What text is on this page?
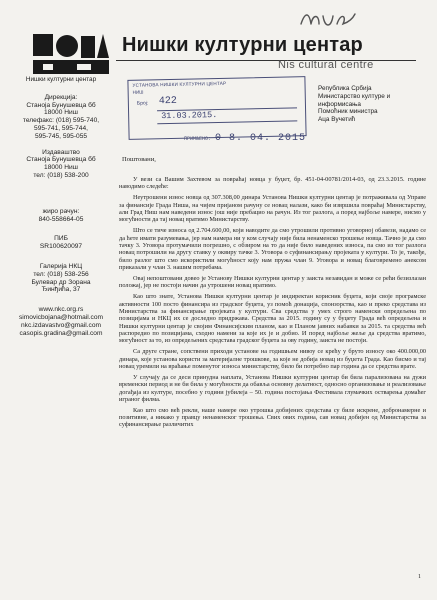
Нишки културни центар
Nis cultural centre
Нишки културни центар
Дирекција:
Станоја Бунушевца бб
18000 Ниш
телефакс: (018) 595-740,
595-741, 595-744,
595-745, 595-055
Издаваштво
Станоја Бунушевца бб
18000 Ниш
тел: (018) 538-200
жиро рачун:
840-558664-05
ПИБ
SR100620097
Галерија НКЦ
тел: (018) 538-256
Булевар др Зорана
Ђинђића, 37
www.nkc.org.rs
simovicbojana@hotmail.com
nkc.izdavastvo@gmail.com
casopis.gradina@gmail.com
УСТАНОВА НИШКИ КУЛТУРНИ ЦЕНТАР
НИШ
Број: 422
31.03.2015.
Република Србија
Министарство културе и
информисања
Помоћник министра
Аца Вучетић
ПРИМЉЕНО: 0 8. 04. 2015
Поштовани,

У вези са Вашим Захтевом за повраћај новца у буџет, бр. 451-04-00781/2014-03, од 23.3.2015. године наводимо следеће:

Неутрошени износ новца од 307.308,00 динара Установа Нишки културни центар је потраживала од Управе за финансије Града Ниша, на чијем пријаном рачуну се новац налази, како би извршила повраћај Министарству, али Град Ниш нам наведени износ још није пребацио на рачун. Из тог разлога, а поред најбоље намере, нисмо у могућности да тај новац вратимо Министарству.

Што се тиче износа од 2.704.600,00, који наводите да смо утрошили противно уговорној обавези, надамо се да ћете имати разумевања, јер нам намера ни у ком случају није била ненаменско трошење новца. Тачно је да смо тачку 3. Уговора протумачили погрешно, с обзиром на то да није било наведених износа, па смо из тог разлога новац потрошили на другу ставку у оквиру тачке 3. Уговора о суфинансирању пројеката у култури. То је, такође, било разлог што смо искористили могућност коју нам пружа члан 9. Уговора и новац благовремено анексом приказали у члан 3. нашим потребама.

Овај непоштовани довео је Установу Нишки културни центар у заиста незавидан и може се рећи безизлазан положај, јер не постоји начин да утрошени новац вратимо.

Као што знате, Установа Нишки културни центар је индиректан корисник буџета, који своје програмске активности 100 посто финансира из градског буџета, уз помоћ донација, спонзорства, као и преко средстава из Министарства за финансирање пројеката у култури. Сва средства у умех строго наменски опредељена по позицијама и НКЦ их се доследно придржава. Средства за 2015. годину су у буџету Града већ опредељена и Нишки културни центар је својим Финансијским планом, као и Планом јавних набавки за 2015. та средства већ распоредио по позицијама, сходно намени за које их је и добио. И поред најбоље жеље да средства вратимо, могућност за то, из опредељених средстава градског буџета за ову годину, заиста не постоји.

Са друге стране, сопствени приходи установе на годишњем нивоу се крећу у бруто износу око 400.000,00 динара, које установа користи за материјалне трошкове, за које не добија новац из буџета Града. Као бисмо и тај новац уремили на враћање поменутог износа министарству, било би потребно пар година да се средства врате.

У случају да се деси принудна наплата, Установа Нишки културни центар би била парализована на дужи временски период и не би била у могућности да обавља основну делатност, односно организовање и реализовање догађаја из културе, посебно у години јубилеја – 50. година постојања Фестивала глумачких остварења домаћег играног филма.

Као што смо већ рекли, наше намере око утрошка добијених средстава су биле искрене, добронамерне и позитивне, а никако у правцу ненаменског трошења. Свих ових година, сав новац добијен од Министарства за суфинансирање различитих

1
